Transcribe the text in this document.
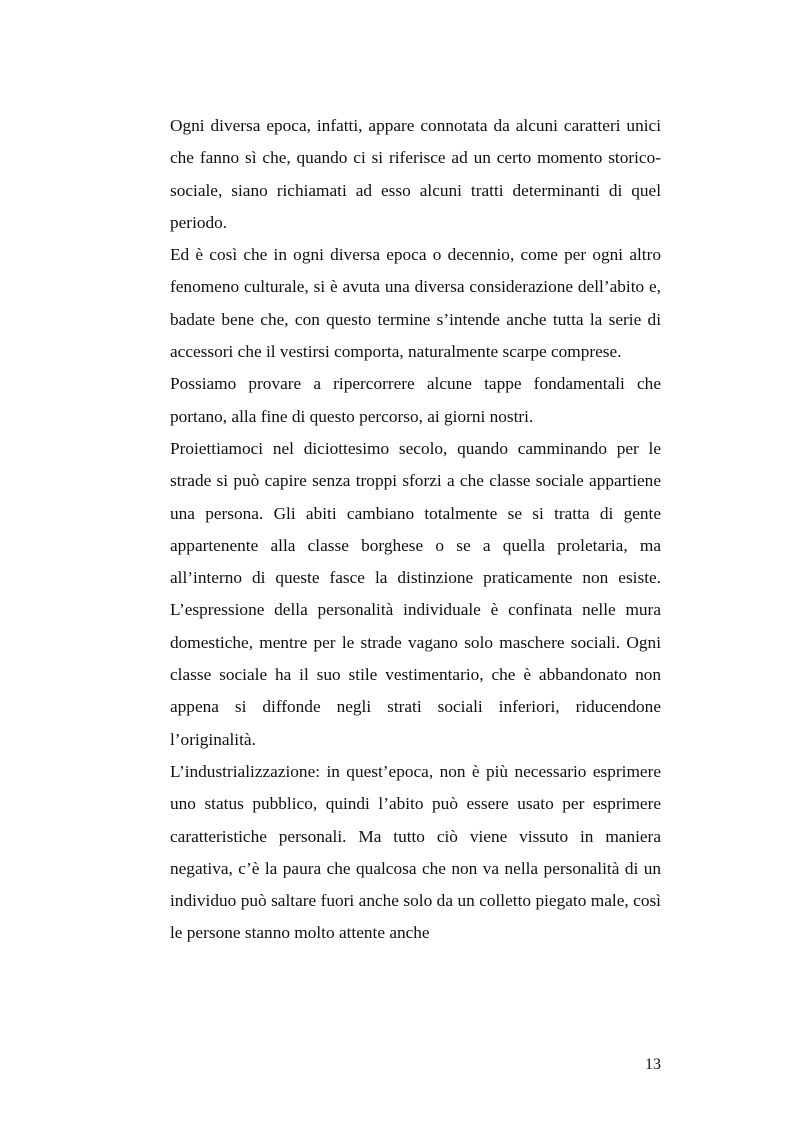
Ogni diversa epoca, infatti, appare connotata da alcuni caratteri unici che fanno sì che, quando ci si riferisce ad un certo momento storico-sociale, siano richiamati ad esso alcuni tratti determinanti di quel periodo.

Ed è così che in ogni diversa epoca o decennio, come per ogni altro fenomeno culturale, si è avuta una diversa considerazione dell’abito e, badate bene che, con questo termine s’intende anche tutta la serie di accessori che il vestirsi comporta, naturalmente scarpe comprese.

Possiamo provare a ripercorrere alcune tappe fondamentali che portano, alla fine di questo percorso, ai giorni nostri.

Proiettiamoci nel diciottesimo secolo, quando camminando per le strade si può capire senza troppi sforzi a che classe sociale appartiene una persona. Gli abiti cambiano totalmente se si tratta di gente appartenente alla classe borghese o se a quella proletaria, ma all’interno di queste fasce la distinzione praticamente non esiste. L’espressione della personalità individuale è confinata nelle mura domestiche, mentre per le strade vagano solo maschere sociali. Ogni classe sociale ha il suo stile vestimentario, che è abbandonato non appena si diffonde negli strati sociali inferiori, riducendone l’originalità.

L’industrializzazione: in quest’epoca, non è più necessario esprimere uno status pubblico, quindi l’abito può essere usato per esprimere caratteristiche personali. Ma tutto ciò viene vissuto in maniera negativa, c’è la paura che qualcosa che non va nella personalità di un individuo può saltare fuori anche solo da un colletto piegato male, così le persone stanno molto attente anche

13
